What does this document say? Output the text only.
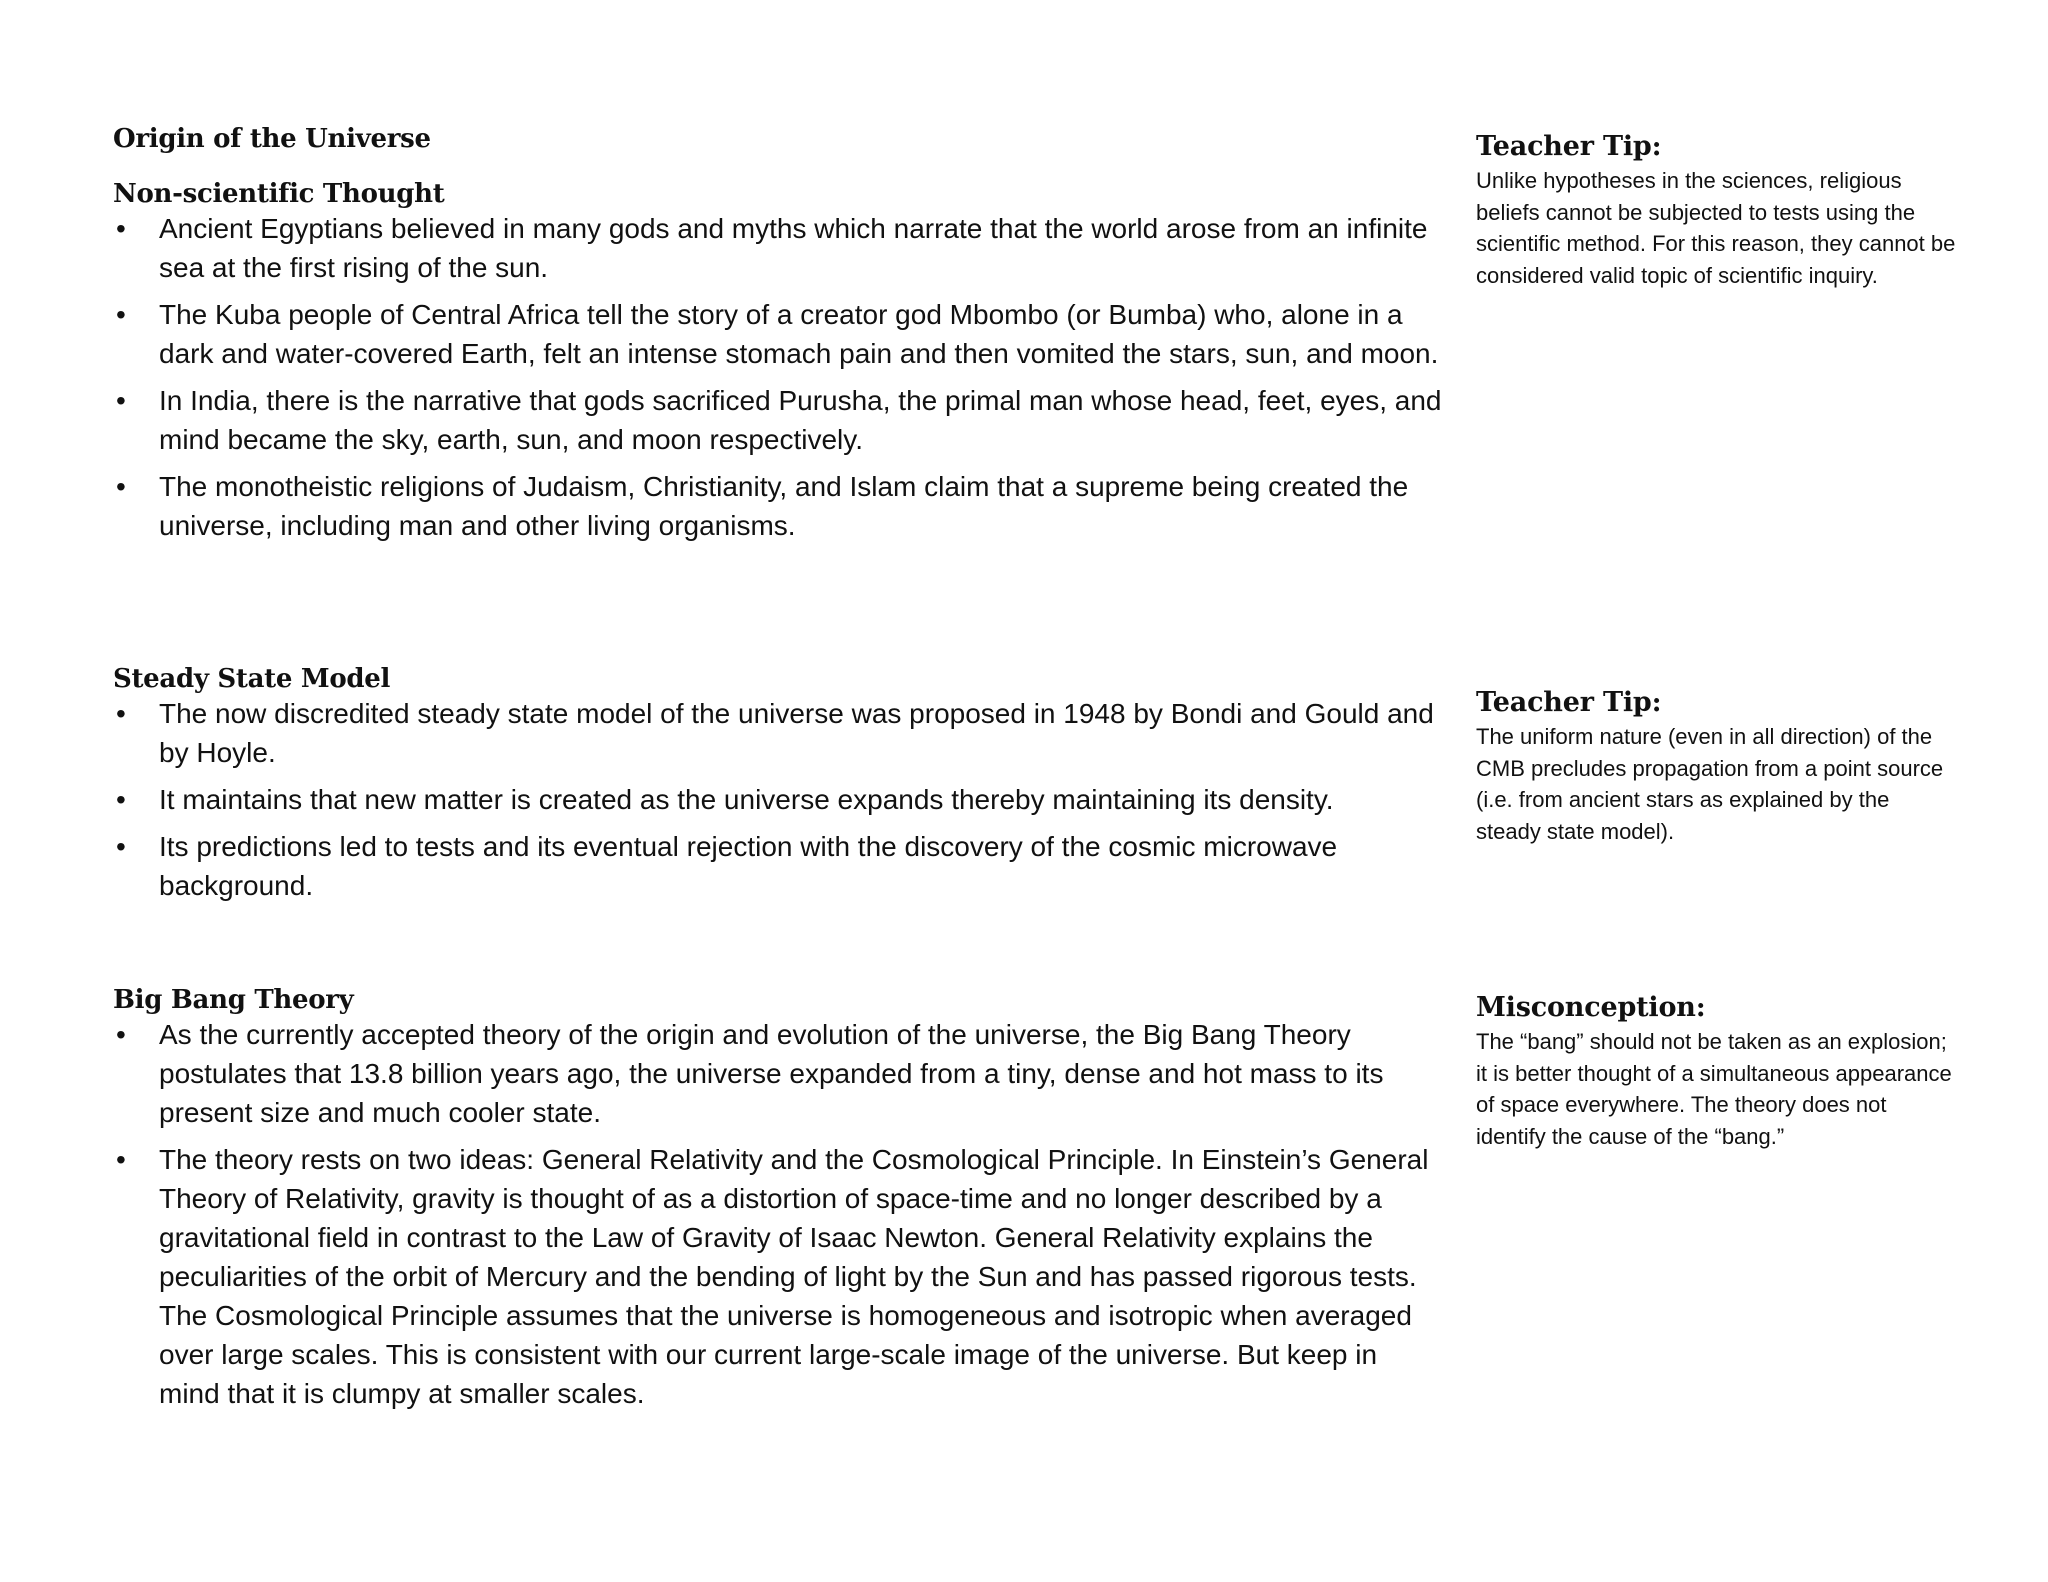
Origin of the Universe
Non-scientific Thought
• Ancient Egyptians believed in many gods and myths which narrate that the world arose from an infinite sea at the first rising of the sun.
• The Kuba people of Central Africa tell the story of a creator god Mbombo (or Bumba) who, alone in a dark and water-covered Earth, felt an intense stomach pain and then vomited the stars, sun, and moon.
• In India, there is the narrative that gods sacrificed Purusha, the primal man whose head, feet, eyes, and mind became the sky, earth, sun, and moon respectively.
• The monotheistic religions of Judaism, Christianity, and Islam claim that a supreme being created the universe, including man and other living organisms.
Teacher Tip:

Unlike hypotheses in the sciences, religious beliefs cannot be subjected to tests using the scientific method. For this reason, they cannot be considered valid topic of scientific inquiry.

Steady State Model
• The now discredited steady state model of the universe was proposed in 1948 by Bondi and Gould and by Hoyle.
• It maintains that new matter is created as the universe expands thereby maintaining its density.
• Its predictions led to tests and its eventual rejection with the discovery of the cosmic microwave background.
Teacher Tip:

The uniform nature (even in all direction) of the CMB precludes propagation from a point source (i.e. from ancient stars as explained by the steady state model).

Big Bang Theory
• As the currently accepted theory of the origin and evolution of the universe, the Big Bang Theory postulates that 13.8 billion years ago, the universe expanded from a tiny, dense and hot mass to its present size and much cooler state.
• The theory rests on two ideas: General Relativity and the Cosmological Principle. In Einstein’s General Theory of Relativity, gravity is thought of as a distortion of space-time and no longer described by a gravitational field in contrast to the Law of Gravity of Isaac Newton. General Relativity explains the peculiarities of the orbit of Mercury and the bending of light by the Sun and has passed rigorous tests. The Cosmological Principle assumes that the universe is homogeneous and isotropic when averaged over large scales. This is consistent with our current large-scale image of the universe. But keep in mind that it is clumpy at smaller scales.
Misconception:

The “bang” should not be taken as an explosion; it is better thought of a simultaneous appearance of space everywhere. The theory does not identify the cause of the “bang.”
